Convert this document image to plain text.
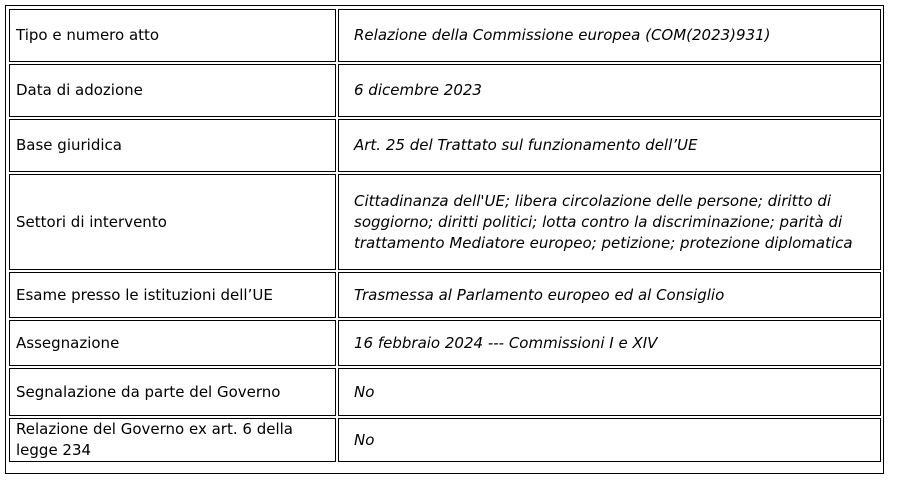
Tipo e numero atto		Relazione della Commissione europea (COM(2023)931)

Data di adozione		6 dicembre 2023

Base giuridica		Art. 25 del Trattato sul funzionamento dell’UE

Settori di intervento		Cittadinanza dell'UE; libera circolazione delle persone; diritto di soggiorno; diritti politici; lotta contro la discriminazione; parità di trattamento Mediatore europeo; petizione; protezione diplomatica

Esame presso le istituzioni dell’UE		Trasmessa al Parlamento europeo ed al Consiglio

Assegnazione		16 febbraio 2024 --- Commissioni I e XIV

Segnalazione da parte del Governo		No

Relazione del Governo ex art. 6 della legge 234		No
